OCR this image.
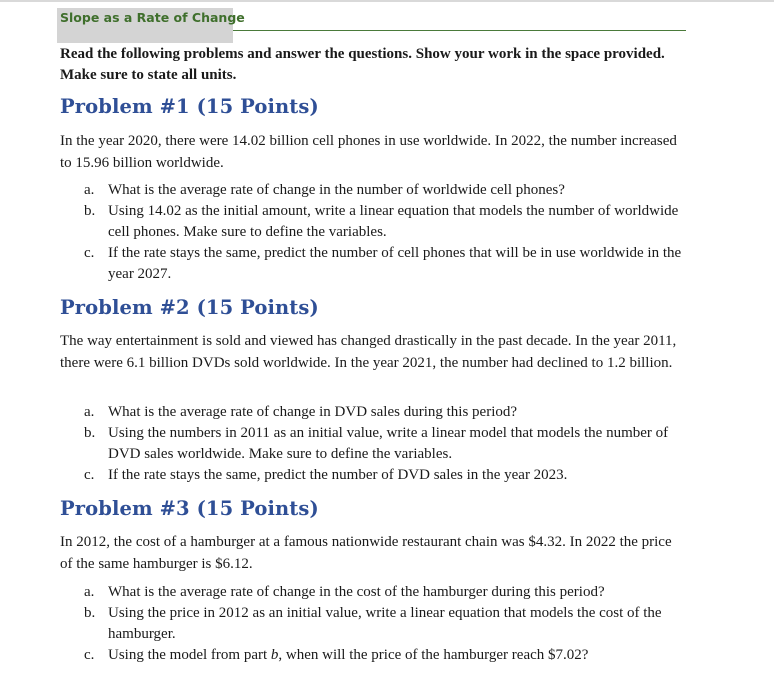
Slope as a Rate of Change
Read the following problems and answer the questions. Show your work in the space provided. Make sure to state all units.
Problem #1 (15 Points)
In the year 2020, there were 14.02 billion cell phones in use worldwide. In 2022, the number increased to 15.96 billion worldwide.
a. What is the average rate of change in the number of worldwide cell phones?
b. Using 14.02 as the initial amount, write a linear equation that models the number of worldwide cell phones. Make sure to define the variables.
c. If the rate stays the same, predict the number of cell phones that will be in use worldwide in the year 2027.
Problem #2 (15 Points)
The way entertainment is sold and viewed has changed drastically in the past decade. In the year 2011, there were 6.1 billion DVDs sold worldwide. In the year 2021, the number had declined to 1.2 billion.
a. What is the average rate of change in DVD sales during this period?
b. Using the numbers in 2011 as an initial value, write a linear model that models the number of DVD sales worldwide. Make sure to define the variables.
c. If the rate stays the same, predict the number of DVD sales in the year 2023.
Problem #3 (15 Points)
In 2012, the cost of a hamburger at a famous nationwide restaurant chain was $4.32. In 2022 the price of the same hamburger is $6.12.
a. What is the average rate of change in the cost of the hamburger during this period?
b. Using the price in 2012 as an initial value, write a linear equation that models the cost of the hamburger.
c. Using the model from part b, when will the price of the hamburger reach $7.02?
